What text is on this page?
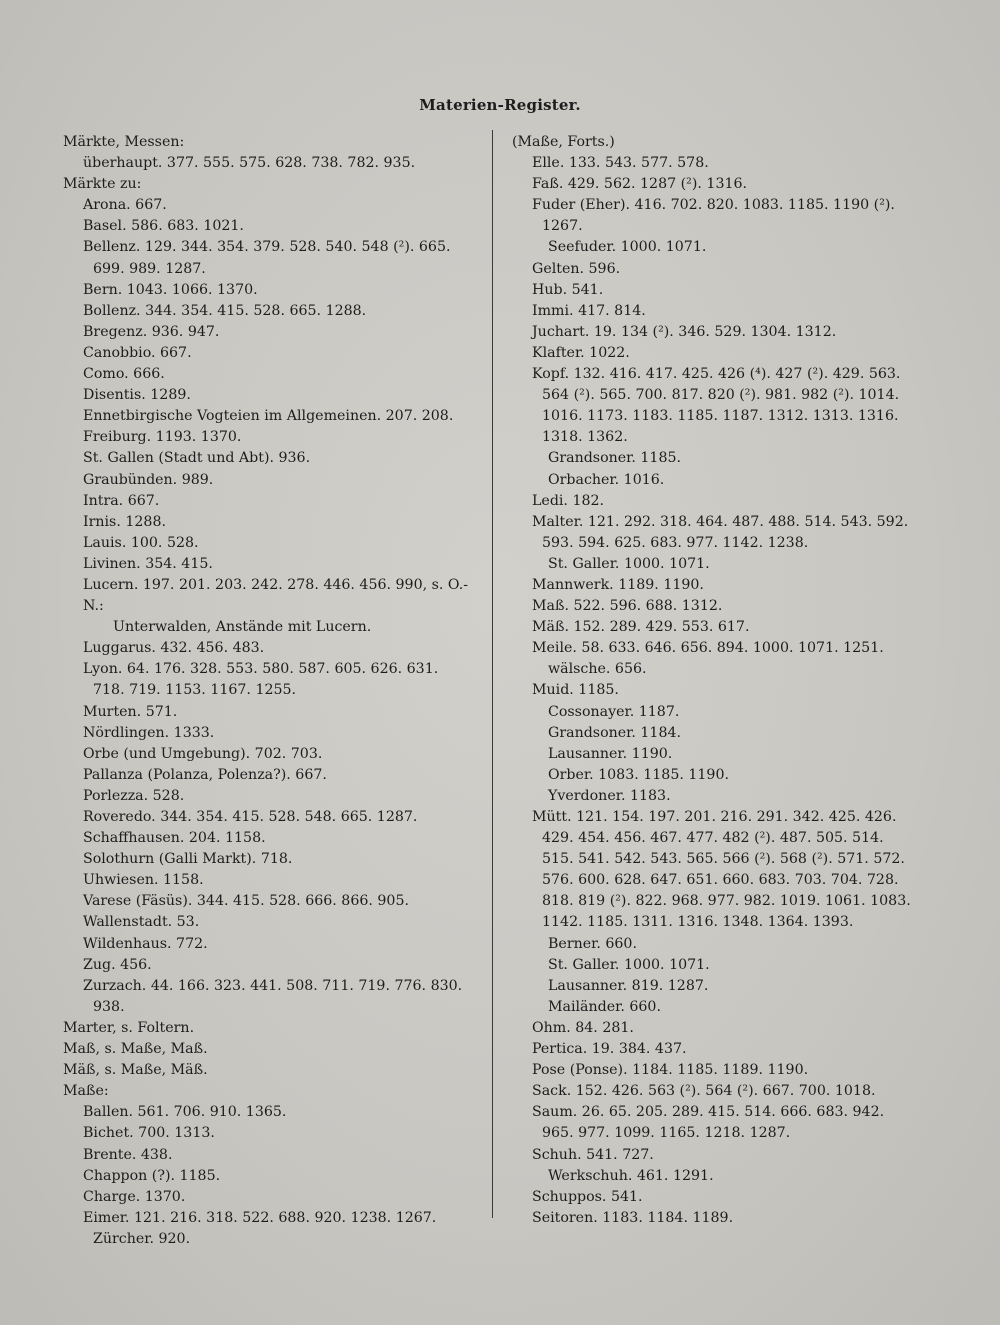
Materien-Register.
Märkte, Messen:
überhaupt. 377. 555. 575. 628. 738. 782. 935.
Märkte zu:
Arona. 667.
Basel. 586. 683. 1021.
Bellenz. 129. 344. 354. 379. 528. 540. 548 (²). 665.
699. 989. 1287.
Bern. 1043. 1066. 1370.
Bollenz. 344. 354. 415. 528. 665. 1288.
Bregenz. 936. 947.
Canobbio. 667.
Como. 666.
Disentis. 1289.
Ennetbirgische Vogteien im Allgemeinen. 207. 208.
Freiburg. 1193. 1370.
St. Gallen (Stadt und Abt). 936.
Graubünden. 989.
Intra. 667.
Irnis. 1288.
Lauis. 100. 528.
Livinen. 354. 415.
Lucern. 197. 201. 203. 242. 278. 446. 456. 990, s. O.-N.:
Unterwalden, Anstände mit Lucern.
Luggarus. 432. 456. 483.
Lyon. 64. 176. 328. 553. 580. 587. 605. 626. 631.
718. 719. 1153. 1167. 1255.
Murten. 571.
Nördlingen. 1333.
Orbe (und Umgebung). 702. 703.
Pallanza (Polanza, Polenza?). 667.
Porlezza. 528.
Roveredo. 344. 354. 415. 528. 548. 665. 1287.
Schaffhausen. 204. 1158.
Solothurn (Galli Markt). 718.
Uhwiesen. 1158.
Varese (Fäsüs). 344. 415. 528. 666. 866. 905.
Wallenstadt. 53.
Wildenhaus. 772.
Zug. 456.
Zurzach. 44. 166. 323. 441. 508. 711. 719. 776. 830.
938.
Marter, s. Foltern.
Maß, s. Maße, Maß.
Mäß, s. Maße, Mäß.
Maße:
Ballen. 561. 706. 910. 1365.
Bichet. 700. 1313.
Brente. 438.
Chappon (?). 1185.
Charge. 1370.
Eimer. 121. 216. 318. 522. 688. 920. 1238. 1267.
Zürcher. 920.
(Maße, Forts.)
Elle. 133. 543. 577. 578.
Faß. 429. 562. 1287 (²). 1316.
Fuder (Eher). 416. 702. 820. 1083. 1185. 1190 (²).
1267.
Seefuder. 1000. 1071.
Gelten. 596.
Hub. 541.
Immi. 417. 814.
Juchart. 19. 134 (²). 346. 529. 1304. 1312.
Klafter. 1022.
Kopf. 132. 416. 417. 425. 426 (⁴). 427 (²). 429. 563.
564 (²). 565. 700. 817. 820 (²). 981. 982 (²). 1014.
1016. 1173. 1183. 1185. 1187. 1312. 1313. 1316.
1318. 1362.
Grandsoner. 1185.
Orbacher. 1016.
Ledi. 182.
Malter. 121. 292. 318. 464. 487. 488. 514. 543. 592.
593. 594. 625. 683. 977. 1142. 1238.
St. Galler. 1000. 1071.
Mannwerk. 1189. 1190.
Maß. 522. 596. 688. 1312.
Mäß. 152. 289. 429. 553. 617.
Meile. 58. 633. 646. 656. 894. 1000. 1071. 1251.
wälsche. 656.
Muid. 1185.
Cossonayer. 1187.
Grandsoner. 1184.
Lausanner. 1190.
Orber. 1083. 1185. 1190.
Yverdoner. 1183.
Mütt. 121. 154. 197. 201. 216. 291. 342. 425. 426.
429. 454. 456. 467. 477. 482 (²). 487. 505. 514.
515. 541. 542. 543. 565. 566 (²). 568 (²). 571. 572.
576. 600. 628. 647. 651. 660. 683. 703. 704. 728.
818. 819 (²). 822. 968. 977. 982. 1019. 1061. 1083.
1142. 1185. 1311. 1316. 1348. 1364. 1393.
Berner. 660.
St. Galler. 1000. 1071.
Lausanner. 819. 1287.
Mailänder. 660.
Ohm. 84. 281.
Pertica. 19. 384. 437.
Pose (Ponse). 1184. 1185. 1189. 1190.
Sack. 152. 426. 563 (²). 564 (²). 667. 700. 1018.
Saum. 26. 65. 205. 289. 415. 514. 666. 683. 942.
965. 977. 1099. 1165. 1218. 1287.
Schuh. 541. 727.
Werkschuh. 461. 1291.
Schuppos. 541.
Seitoren. 1183. 1184. 1189.
